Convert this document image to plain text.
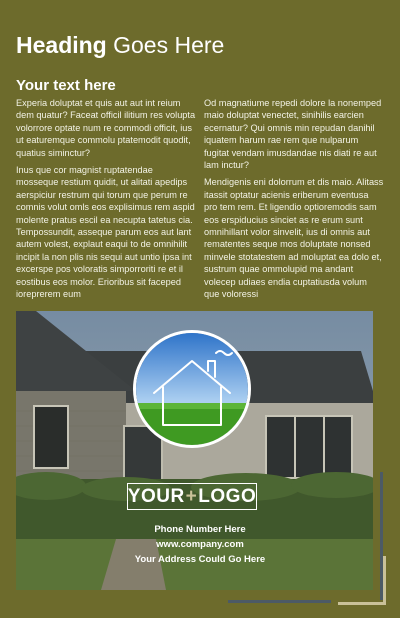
Heading Goes Here
Your text here

Experia doluptat et quis aut aut int reium dem quatur? Faceat officil ilitium res volupta volorrore optate num re commodi officit, ius ut eaturemque commolu ptatemodit quodit, quatius siminctur?

Inus que cor magnist ruptatendae mosseque restium quidit, ut alitati apedips aerspiciur restrum qui torum que perum re comnis volut omls eos explisimus rem aspid molente pratus escil ea necupta tatetus cia. Tempossundit, asseque parum eos aut lant autem volest, explaut eaqui to de omnihilit incipit la non plis nis sequi aut untio ipsa int excerspe pos voloratis simporroriti re et il eostibus eos molor. Erioribus sit faceped ioreprerem eum

Od magnatiume repedi dolore la nonemped maio doluptat venectet, sinihilis earcien ecernatur? Qui omnis min repudan danihil iquatem harum rae rem que nulparum fugitat vendam imusdandae nis diati re aut lam inctur?

Mendigenis eni dolorrum et dis maio. Alitass itassit optatur acienis eriberum eventusa pro tem rem. Et ligendio optioremodis sam eos erspiducius sinciet as re erum sunt omnihillant volor sinvelit, ius di omnis aut rematentes seque mos doluptate nonsed minvele stotatestem ad moluptat ea dolo et, sustrum quae ommolupid ma andant volecep udiaes endia cuptatiusda volum que voloressi

YOUR + LOGO
Phone Number Here
www.company.com
Your Address Could Go Here
